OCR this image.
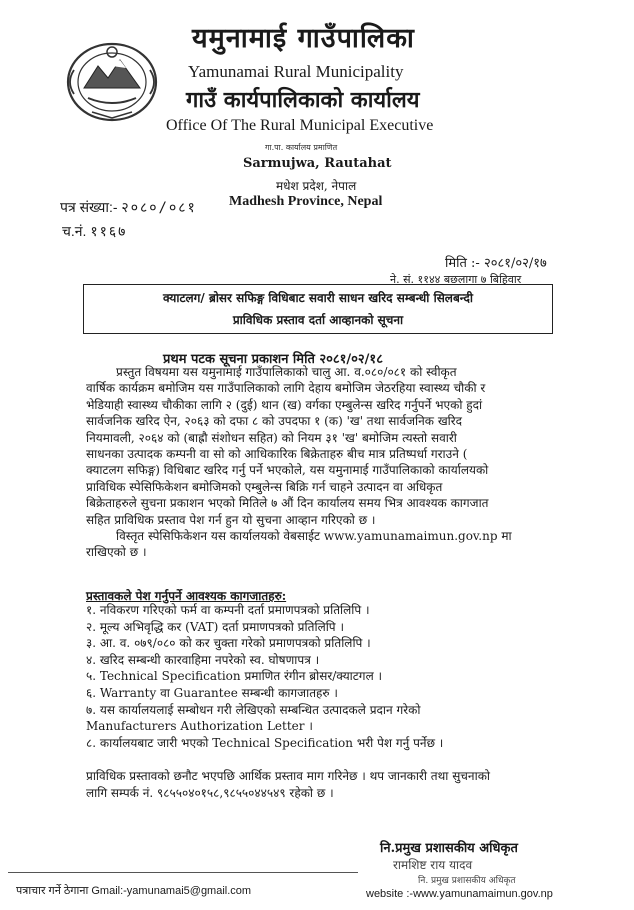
यमुनामाई गाउँपालिका
Yamunamai Rural Municipality
गाउँ कार्यपालिकाको कार्यालय
Office Of The Rural Municipal Executive
गा.पा. कार्यालय प्रमाणित
Sarmujwa, Rautahat
मधेश प्रदेश, नेपाल
Madhesh Province, Nepal
पत्र संख्या:- २०८०/०८१
च.नं. ११६७
मिति :- २०८१/०२/१७
ने. सं. ११४४ बछलागा ७ बिहिवार
क्याटलग/ ब्रोसर सफिङ्ग विधिबाट सवारी साधन खरिद सम्बन्धी सिलबन्दी
प्राविधिक प्रस्ताव दर्ता आव्हानको सूचना
प्रथम पटक सूचना प्रकाशन मिति २०८१/०२/१८
प्रस्तुत विषयमा यस यमुनामाई गाउँपालिकाको चालु आ. व.०८०/०८१ को स्वीकृत
वार्षिक कार्यक्रम बमोजिम यस गाउँपालिकाको लागि देहाय बमोजिम जेठरहिया स्वास्थ्य चौकी र
भेडियाही स्वास्थ्य चौकीका लागि २ (दुई) थान (ख) वर्गका एम्बुलेन्स खरिद गर्नुपर्ने भएको हुदां
सार्वजनिक खरिद ऐन, २०६३ को दफा ८ को उपदफा १ (क) 'ख' तथा सार्वजनिक खरिद
नियमावली, २०६४ को (बाह्रौ संशोधन सहित) को नियम ३१ 'ख' बमोजिम त्यस्तो सवारी
साधनका उत्पादक कम्पनी वा सो को आधिकारिक बिक्रेताहरु बीच मात्र प्रतिष्पर्धा गराउने (
क्याटलग सफिङ्ग) विधिबाट खरिद गर्नु पर्ने भएकोले, यस यमुनामाई गाउँपालिकाको कार्यालयको
प्राविधिक स्पेसिफिकेशन बमोजिमको एम्बुलेन्स बिक्रि गर्न चाहने उत्पादन वा अधिकृत
बिक्रेताहरुले सुचना प्रकाशन भएको मितिले ७ औं दिन कार्यालय समय भित्र आवश्यक कागजात
सहित प्राविधिक प्रस्ताव पेश गर्न हुन यो सुचना आव्हान गरिएको छ ।
विस्तृत स्पेसिफिकेशन यस कार्यालयको वेबसाईट www.yamunamaimun.gov.np मा
राखिएको छ ।
प्रस्तावकले पेश गर्नुपर्ने आवश्यक कागजातहरु:
१. नविकरण गरिएको फर्म वा कम्पनी दर्ता प्रमाणपत्रको प्रतिलिपि ।
२. मूल्य अभिवृद्धि कर (VAT) दर्ता प्रमाणपत्रको प्रतिलिपि ।
३. आ. व. ०७९/०८० को कर चुक्ता गरेको प्रमाणपत्रको प्रतिलिपि ।
४. खरिद सम्बन्धी कारवाहिमा नपरेको स्व. घोषणापत्र ।
५. Technical Specification प्रमाणित रंगीन ब्रोसर/क्याटगल ।
६. Warranty वा Guarantee सम्बन्धी कागजातहरु ।
७. यस कार्यालयलाई सम्बोधन गरी लेखिएको सम्बन्धित उत्पादकले प्रदान गरेको
Manufacturers Authorization Letter ।
८. कार्यालयबाट जारी भएको Technical Specification भरी पेश गर्नु पर्नेछ ।
प्राविधिक प्रस्तावको छनौट भएपछि आर्थिक प्रस्ताव माग गरिनेछ । थप जानकारी तथा सुचनाको
लागि सम्पर्क नं. ९८५५०४०१५८,९८५५०४४५४९ रहेको छ ।
नि.प्रमुख प्रशासकीय अधिकृत
रामशिष्ट राय यादव
नि. प्रमुख प्रशासकीय अधिकृत
पत्राचार गर्ने ठेगाना Gmail:-yamunamai5@gmail.com	website :-www.yamunamaimun.gov.np
